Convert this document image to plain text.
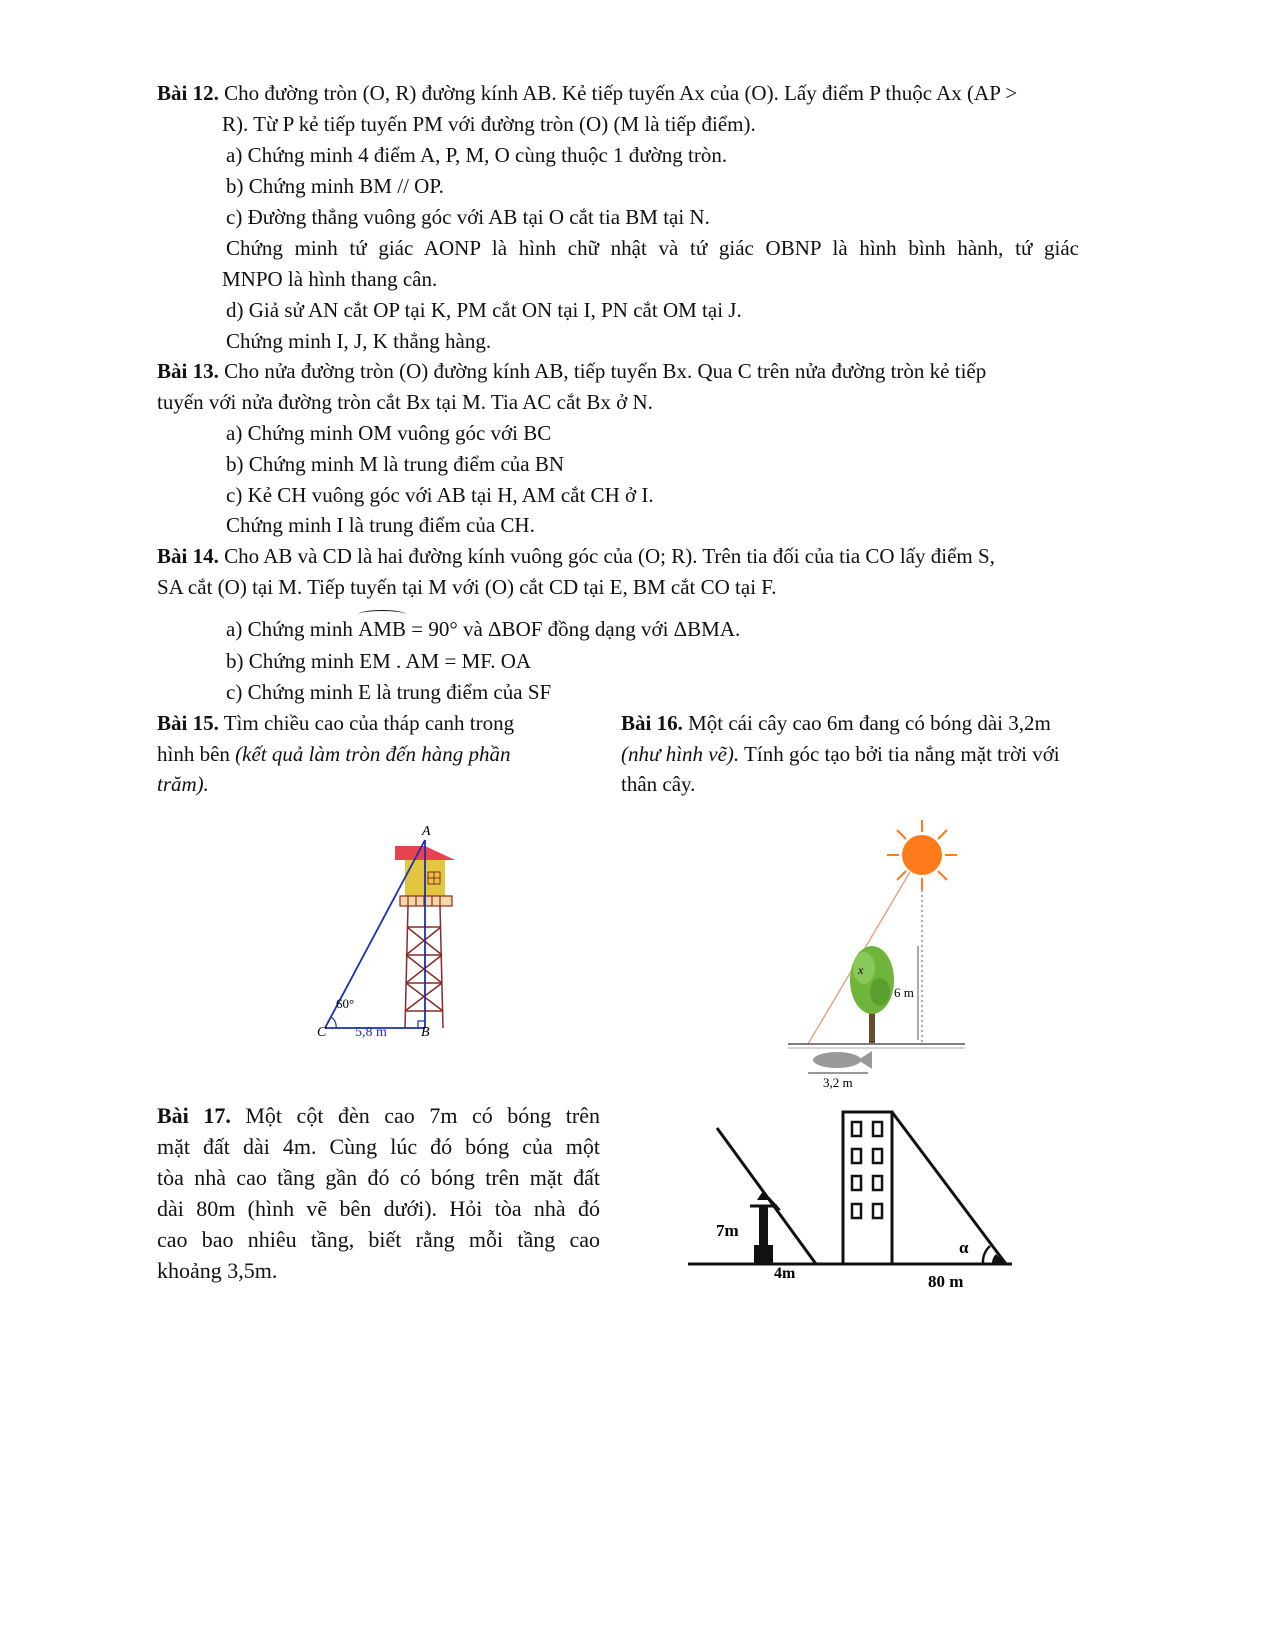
Bài 12. Cho đường tròn (O, R) đường kính AB. Kẻ tiếp tuyến Ax của (O). Lấy điểm P thuộc Ax (AP >
R). Từ P kẻ tiếp tuyến PM với đường tròn (O) (M là tiếp điểm).
a) Chứng minh 4 điểm A, P, M, O cùng thuộc 1 đường tròn.
b) Chứng minh BM // OP.
c) Đường thẳng vuông góc với AB tại O cắt tia BM tại N.
Chứng minh tứ giác AONP là hình chữ nhật và tứ giác OBNP là hình bình hành, tứ giác
MNPO là hình thang cân.
d) Giả sử AN cắt OP tại K, PM cắt ON tại I, PN cắt OM tại J.
Chứng minh I, J, K thẳng hàng.
Bài 13. Cho nửa đường tròn (O) đường kính AB, tiếp tuyến Bx. Qua C trên nửa đường tròn kẻ tiếp
tuyến với nửa đường tròn cắt Bx tại M. Tia AC cắt Bx ở N.
a) Chứng minh OM vuông góc với BC
b) Chứng minh M là trung điểm của BN
c) Kẻ CH vuông góc với AB tại H, AM cắt CH ở I.
Chứng minh I là trung điểm của CH.
Bài 14. Cho AB và CD là hai đường kính vuông góc của (O; R). Trên tia đối của tia CO lấy điểm S,
SA cắt (O) tại M. Tiếp tuyến tại M với (O) cắt CD tại E, BM cắt CO tại F.
a) Chứng minh AMB = 90° và ΔBOF đồng dạng với ΔBMA.
b) Chứng minh EM . AM = MF. OA
c) Chứng minh E là trung điểm của SF
Bài 15. Tìm chiều cao của tháp canh trong
hình bên (kết quả làm tròn đến hàng phần
trăm).
Bài 16. Một cái cây cao 6m đang có bóng dài 3,2m
(như hình vẽ). Tính góc tạo bởi tia nắng mặt trời với
thân cây.
A
60°
C 5,8 m B
6 m
x
3,2 m
Bài 17. Một cột đèn cao 7m có bóng trên
mặt đất dài 4m. Cùng lúc đó bóng của một
tòa nhà cao tầng gần đó có bóng trên mặt đất
dài 80m (hình vẽ bên dưới). Hỏi tòa nhà đó
cao bao nhiêu tầng, biết rằng mỗi tầng cao
khoảng 3,5m.
7m
4m
α
80 m
